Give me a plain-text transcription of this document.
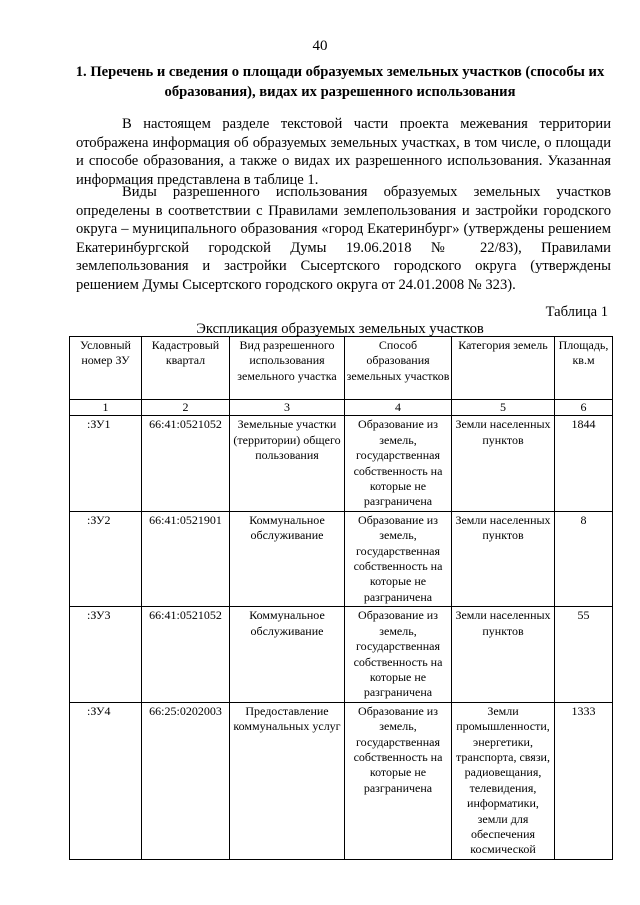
40
1. Перечень и сведения о площади образуемых земельных участков (способы их образования), видах их разрешенного использования

В настоящем разделе текстовой части проекта межевания территории отображена информация об образуемых земельных участках, в том числе, о площади и способе образования, а также о видах их разрешенного использования. Указанная информация представлена в таблице 1.

Виды разрешенного использования образуемых земельных участков определены в соответствии с Правилами землепользования и застройки городского округа – муниципального образования «город Екатеринбург» (утверждены решением Екатеринбургской городской Думы 19.06.2018 № 22/83), Правилами землепользования и застройки Сысертского городского округа (утверждены решением Думы Сысертского городского округа от 24.01.2008 № 323).

Таблица 1
Экспликация образуемых земельных участков
Условный номер ЗУ	Кадастровый квартал	Вид разрешенного использования земельного участка	Способ образования земельных участков	Категория земель	Площадь, кв.м
1	2	3	4	5	6
:ЗУ1	66:41:0521052	Земельные участки (территории) общего пользования	Образование из земель, государственная собственность на которые не разграничена	Земли населенных пунктов	1844
:ЗУ2	66:41:0521901	Коммунальное обслуживание	Образование из земель, государственная собственность на которые не разграничена	Земли населенных пунктов	8
:ЗУ3	66:41:0521052	Коммунальное обслуживание	Образование из земель, государственная собственность на которые не разграничена	Земли населенных пунктов	55
:ЗУ4	66:25:0202003	Предоставление коммунальных услуг	Образование из земель, государственная собственность на которые не разграничена	Земли промышленности, энергетики, транспорта, связи, радиовещания, телевидения, информатики, земли для обеспечения космической	1333
